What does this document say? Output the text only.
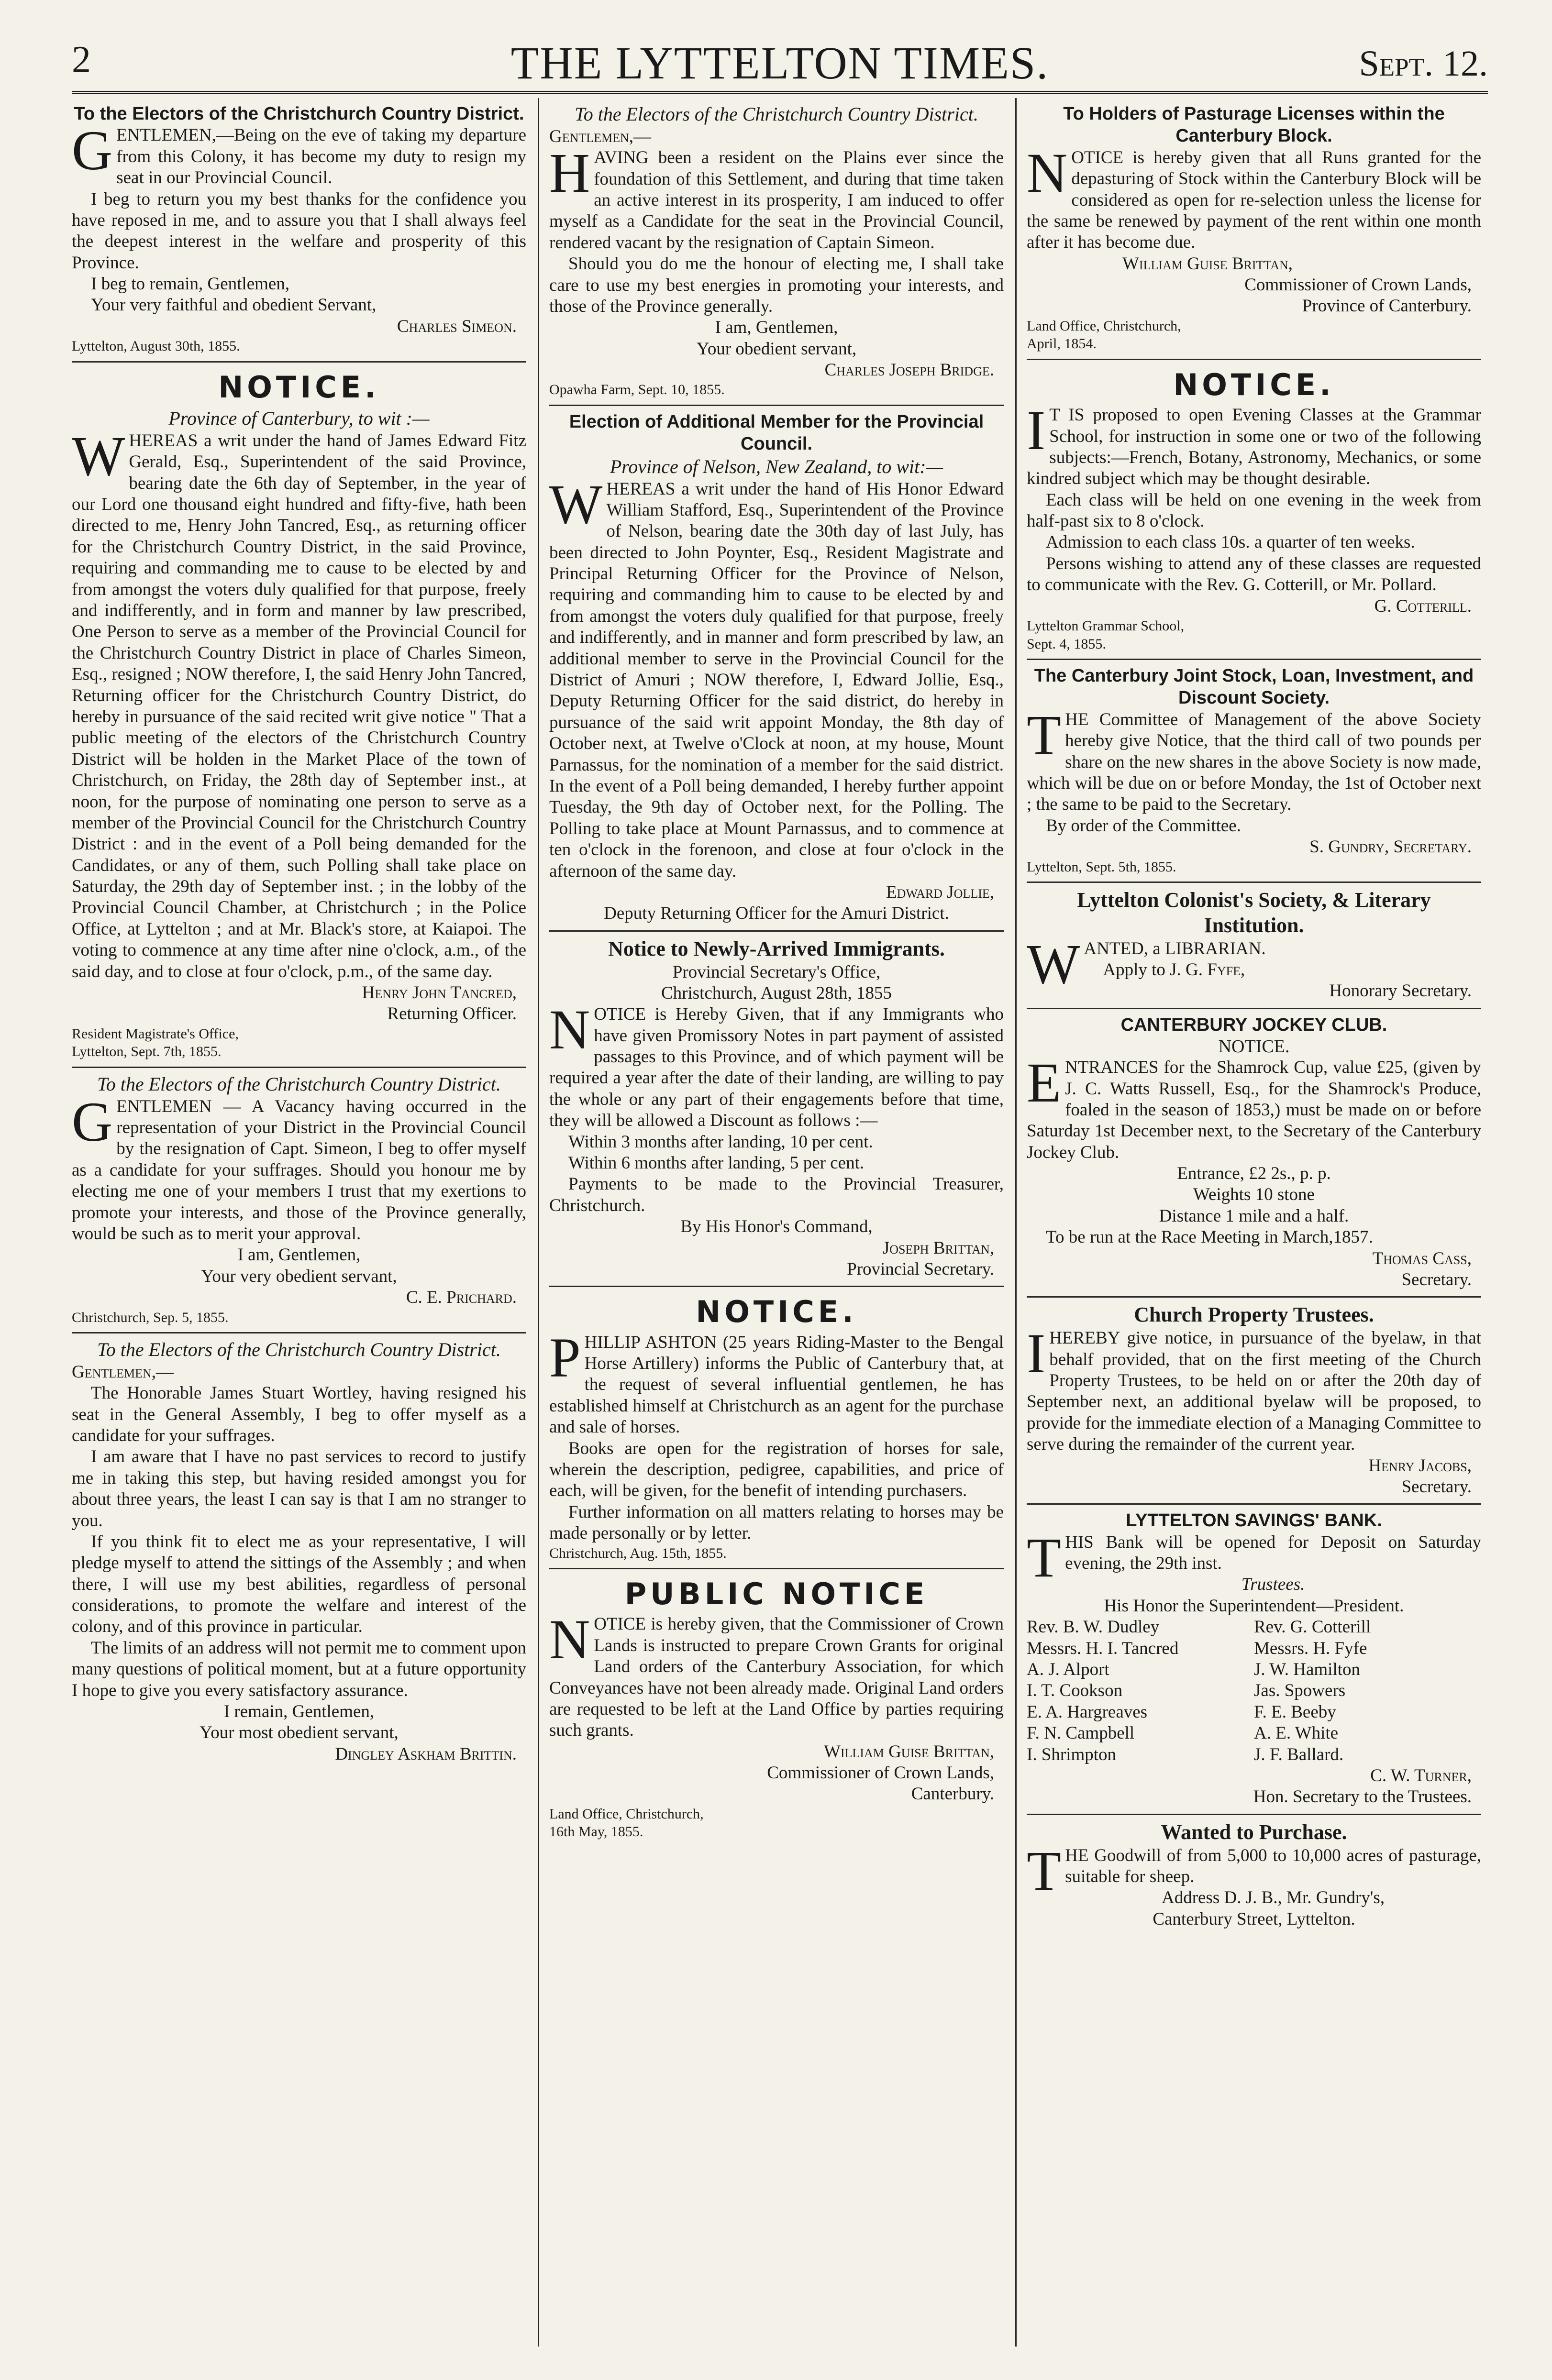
2	THE LYTTELTON TIMES.	Sept. 12.
To the Electors of the Christchurch Country District.

GENTLEMEN,—Being on the eve of taking my departure from this Colony, it has become my duty to resign my seat in our Provincial Council.

I beg to return you my best thanks for the confidence you have reposed in me, and to assure you that I shall always feel the deepest interest in the welfare and prosperity of this Province.

I beg to remain, Gentlemen,

Your very faithful and obedient Servant,

Charles Simeon.

Lyttelton, August 30th, 1855.

NOTICE.
Province of Canterbury, to wit :—

WHEREAS a writ under the hand of James Edward Fitz Gerald, Esq., Superintendent of the said Province, bearing date the 6th day of September, in the year of our Lord one thousand eight hundred and fifty-five, hath been directed to me, Henry John Tancred, Esq., as returning officer for the Christchurch Country District, in the said Province, requiring and commanding me to cause to be elected by and from amongst the voters duly qualified for that purpose, freely and indifferently, and in form and manner by law prescribed, One Person to serve as a member of the Provincial Council for the Christchurch Country District in place of Charles Simeon, Esq., resigned ; NOW therefore, I, the said Henry John Tancred, Returning officer for the Christchurch Country District, do hereby in pursuance of the said recited writ give notice " That a public meeting of the electors of the Christchurch Country District will be holden in the Market Place of the town of Christchurch, on Friday, the 28th day of September inst., at noon, for the purpose of nominating one person to serve as a member of the Provincial Council for the Christchurch Country District : and in the event of a Poll being demanded for the Candidates, or any of them, such Polling shall take place on Saturday, the 29th day of September inst. ; in the lobby of the Provincial Council Chamber, at Christchurch ; in the Police Office, at Lyttelton ; and at Mr. Black's store, at Kaiapoi. The voting to commence at any time after nine o'clock, a.m., of the said day, and to close at four o'clock, p.m., of the same day.

Henry John Tancred,

Returning Officer.

Resident Magistrate's Office,

Lyttelton, Sept. 7th, 1855.

To the Electors of the Christchurch Country District.

GENTLEMEN — A Vacancy having occurred in the representation of your District in the Provincial Council by the resignation of Capt. Simeon, I beg to offer myself as a candidate for your suffrages. Should you honour me by electing me one of your members I trust that my exertions to promote your interests, and those of the Province generally, would be such as to merit your approval.

I am, Gentlemen,

Your very obedient servant,

C. E. Prichard.

Christchurch, Sep. 5, 1855.

To the Electors of the Christchurch Country District.

Gentlemen,—

The Honorable James Stuart Wortley, having resigned his seat in the General Assembly, I beg to offer myself as a candidate for your suffrages.

I am aware that I have no past services to record to justify me in taking this step, but having resided amongst you for about three years, the least I can say is that I am no stranger to you.

If you think fit to elect me as your representative, I will pledge myself to attend the sittings of the Assembly ; and when there, I will use my best abilities, regardless of personal considerations, to promote the welfare and interest of the colony, and of this province in particular.

The limits of an address will not permit me to comment upon many questions of political moment, but at a future opportunity I hope to give you every satisfactory assurance.

I remain, Gentlemen,

Your most obedient servant,

Dingley Askham Brittin.

To the Electors of the Christchurch Country District.

Gentlemen,—

HAVING been a resident on the Plains ever since the foundation of this Settlement, and during that time taken an active interest in its prosperity, I am induced to offer myself as a Candidate for the seat in the Provincial Council, rendered vacant by the resignation of Captain Simeon.

Should you do me the honour of electing me, I shall take care to use my best energies in promoting your interests, and those of the Province generally.

I am, Gentlemen,

Your obedient servant,

Charles Joseph Bridge.

Opawha Farm, Sept. 10, 1855.

Election of Additional Member for the Provincial Council.
Province of Nelson, New Zealand, to wit:—

WHEREAS a writ under the hand of His Honor Edward William Stafford, Esq., Superintendent of the Province of Nelson, bearing date the 30th day of last July, has been directed to John Poynter, Esq., Resident Magistrate and Principal Returning Officer for the Province of Nelson, requiring and commanding him to cause to be elected by and from amongst the voters duly qualified for that purpose, freely and indifferently, and in manner and form prescribed by law, an additional member to serve in the Provincial Council for the District of Amuri ; NOW therefore, I, Edward Jollie, Esq., Deputy Returning Officer for the said district, do hereby in pursuance of the said writ appoint Monday, the 8th day of October next, at Twelve o'Clock at noon, at my house, Mount Parnassus, for the nomination of a member for the said district. In the event of a Poll being demanded, I hereby further appoint Tuesday, the 9th day of October next, for the Polling. The Polling to take place at Mount Parnassus, and to commence at ten o'clock in the forenoon, and close at four o'clock in the afternoon of the same day.

Edward Jollie,

Deputy Returning Officer for the Amuri District.

Notice to Newly-Arrived Immigrants.

Provincial Secretary's Office,

Christchurch, August 28th, 1855

NOTICE is Hereby Given, that if any Immigrants who have given Promissory Notes in part payment of assisted passages to this Province, and of which payment will be required a year after the date of their landing, are willing to pay the whole or any part of their engagements before that time, they will be allowed a Discount as follows :—

Within 3 months after landing, 10 per cent.

Within 6 months after landing, 5 per cent.

Payments to be made to the Provincial Treasurer, Christchurch.

By His Honor's Command,

Joseph Brittan,

Provincial Secretary.

NOTICE.

PHILLIP ASHTON (25 years Riding-Master to the Bengal Horse Artillery) informs the Public of Canterbury that, at the request of several influential gentlemen, he has established himself at Christchurch as an agent for the purchase and sale of horses.

Books are open for the registration of horses for sale, wherein the description, pedigree, capabilities, and price of each, will be given, for the benefit of intending purchasers.

Further information on all matters relating to horses may be made personally or by letter.

Christchurch, Aug. 15th, 1855.

PUBLIC NOTICE

NOTICE is hereby given, that the Commissioner of Crown Lands is instructed to prepare Crown Grants for original Land orders of the Canterbury Association, for which Conveyances have not been already made. Original Land orders are requested to be left at the Land Office by parties requiring such grants.

William Guise Brittan,

Commissioner of Crown Lands,

Canterbury.

Land Office, Christchurch,

16th May, 1855.

To Holders of Pasturage Licenses within the Canterbury Block.

NOTICE is hereby given that all Runs granted for the depasturing of Stock within the Canterbury Block will be considered as open for re-selection unless the license for the same be renewed by payment of the rent within one month after it has become due.

William Guise Brittan,

Commissioner of Crown Lands,

Province of Canterbury.

Land Office, Christchurch,

April, 1854.

NOTICE.

IT IS proposed to open Evening Classes at the Grammar School, for instruction in some one or two of the following subjects:—French, Botany, Astronomy, Mechanics, or some kindred subject which may be thought desirable.

Each class will be held on one evening in the week from half-past six to 8 o'clock.

Admission to each class 10s. a quarter of ten weeks.

Persons wishing to attend any of these classes are requested to communicate with the Rev. G. Cotterill, or Mr. Pollard.

G. Cotterill.

Lyttelton Grammar School,

Sept. 4, 1855.

The Canterbury Joint Stock, Loan, Investment, and Discount Society.

THE Committee of Management of the above Society hereby give Notice, that the third call of two pounds per share on the new shares in the above Society is now made, which will be due on or before Monday, the 1st of October next ; the same to be paid to the Secretary.

By order of the Committee.

S. Gundry, Secretary.

Lyttelton, Sept. 5th, 1855.

Lyttelton Colonist's Society, & Literary Institution.

WANTED, a LIBRARIAN.

Apply to J. G. Fyfe,

Honorary Secretary.

CANTERBURY JOCKEY CLUB.
NOTICE.

ENTRANCES for the Shamrock Cup, value £25, (given by J. C. Watts Russell, Esq., for the Shamrock's Produce, foaled in the season of 1853,) must be made on or before Saturday 1st December next, to the Secretary of the Canterbury Jockey Club.

Entrance, £2 2s., p. p.

Weights 10 stone

Distance 1 mile and a half.

To be run at the Race Meeting in March,1857.

Thomas Cass,

Secretary.

Church Property Trustees.

IHEREBY give notice, in pursuance of the byelaw, in that behalf provided, that on the first meeting of the Church Property Trustees, to be held on or after the 20th day of September next, an additional byelaw will be proposed, to provide for the immediate election of a Managing Committee to serve during the remainder of the current year.

Henry Jacobs,

Secretary.

LYTTELTON SAVINGS' BANK.

THIS Bank will be opened for Deposit on Saturday evening, the 29th inst.

Trustees.

His Honor the Superintendent—President.

Rev. B. W. Dudley	Rev. G. Cotterill
Messrs. H. I. Tancred	Messrs. H. Fyfe
A. J. Alport	J. W. Hamilton
I. T. Cookson	Jas. Spowers
E. A. Hargreaves	F. E. Beeby
F. N. Campbell	A. E. White
I. Shrimpton	J. F. Ballard.

C. W. Turner,

Hon. Secretary to the Trustees.

Wanted to Purchase.

THE Goodwill of from 5,000 to 10,000 acres of pasturage, suitable for sheep.

Address D. J. B., Mr. Gundry's,

Canterbury Street, Lyttelton.
